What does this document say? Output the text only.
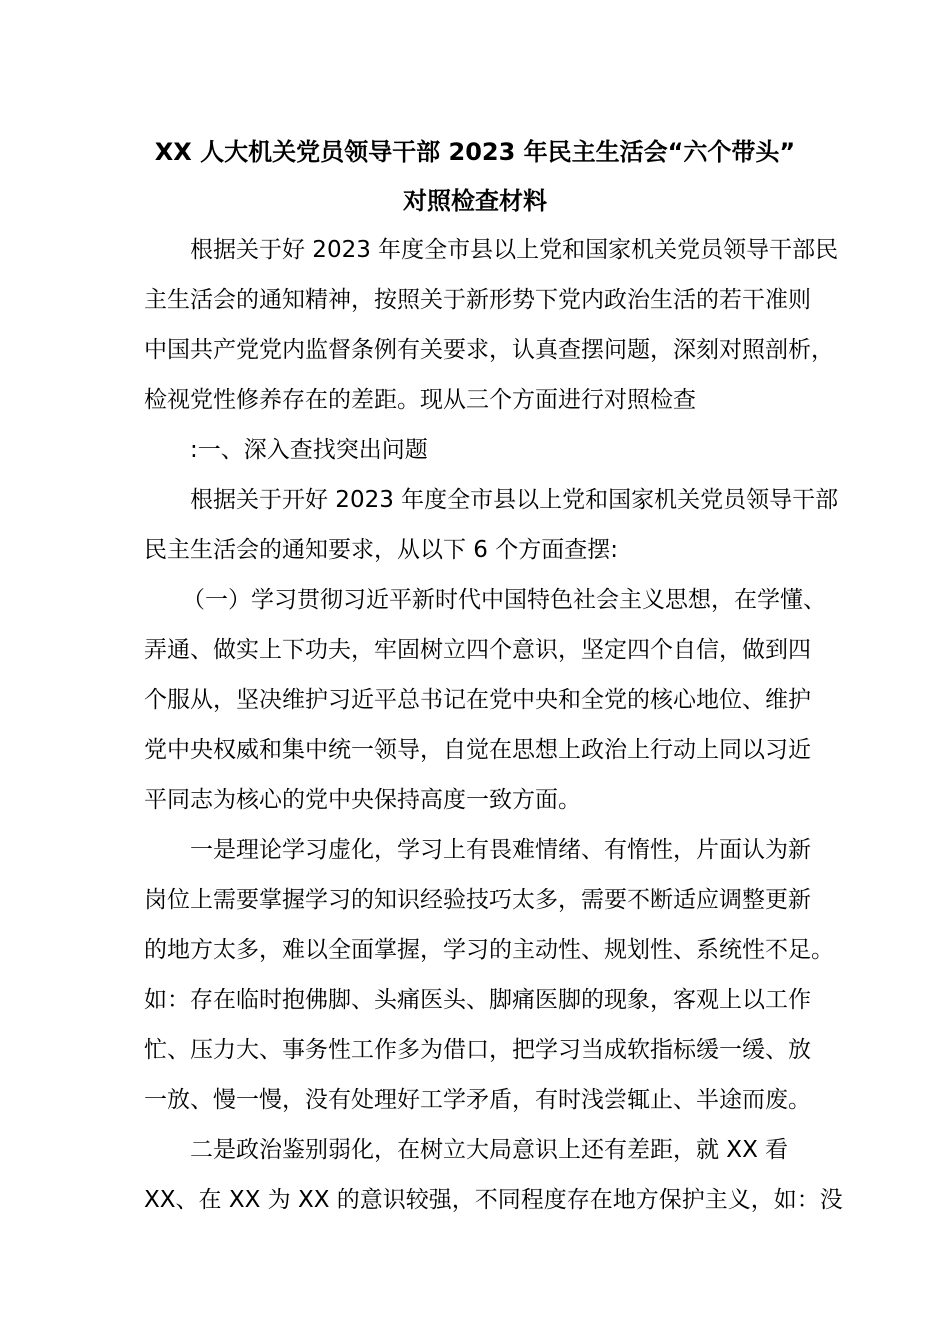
XX 人大机关党员领导干部 2023 年民主生活会“六个带头”
对照检查材料
根据关于好 2023 年度全市县以上党和国家机关党员领导干部民
主生活会的通知精神，按照关于新形势下党内政治生活的若干准则
中国共产党党内监督条例有关要求，认真查摆问题，深刻对照剖析，
检视党性修养存在的差距。现从三个方面进行对照检查
:一、深入查找突出问题
根据关于开好 2023 年度全市县以上党和国家机关党员领导干部
民主生活会的通知要求，从以下 6 个方面查摆:
（一）学习贯彻习近平新时代中国特色社会主义思想，在学懂、
弄通、做实上下功夫，牢固树立四个意识，坚定四个自信，做到四
个服从，坚决维护习近平总书记在党中央和全党的核心地位、维护
党中央权威和集中统一领导，自觉在思想上政治上行动上同以习近
平同志为核心的党中央保持高度一致方面。
一是理论学习虚化，学习上有畏难情绪、有惰性，片面认为新
岗位上需要掌握学习的知识经验技巧太多，需要不断适应调整更新
的地方太多，难以全面掌握，学习的主动性、规划性、系统性不足。
如：存在临时抱佛脚、头痛医头、脚痛医脚的现象，客观上以工作
忙、压力大、事务性工作多为借口，把学习当成软指标缓一缓、放
一放、慢一慢，没有处理好工学矛盾，有时浅尝辄止、半途而废。
二是政治鉴别弱化，在树立大局意识上还有差距，就 XX 看
XX、在 XX 为 XX 的意识较强，不同程度存在地方保护主义，如：没
